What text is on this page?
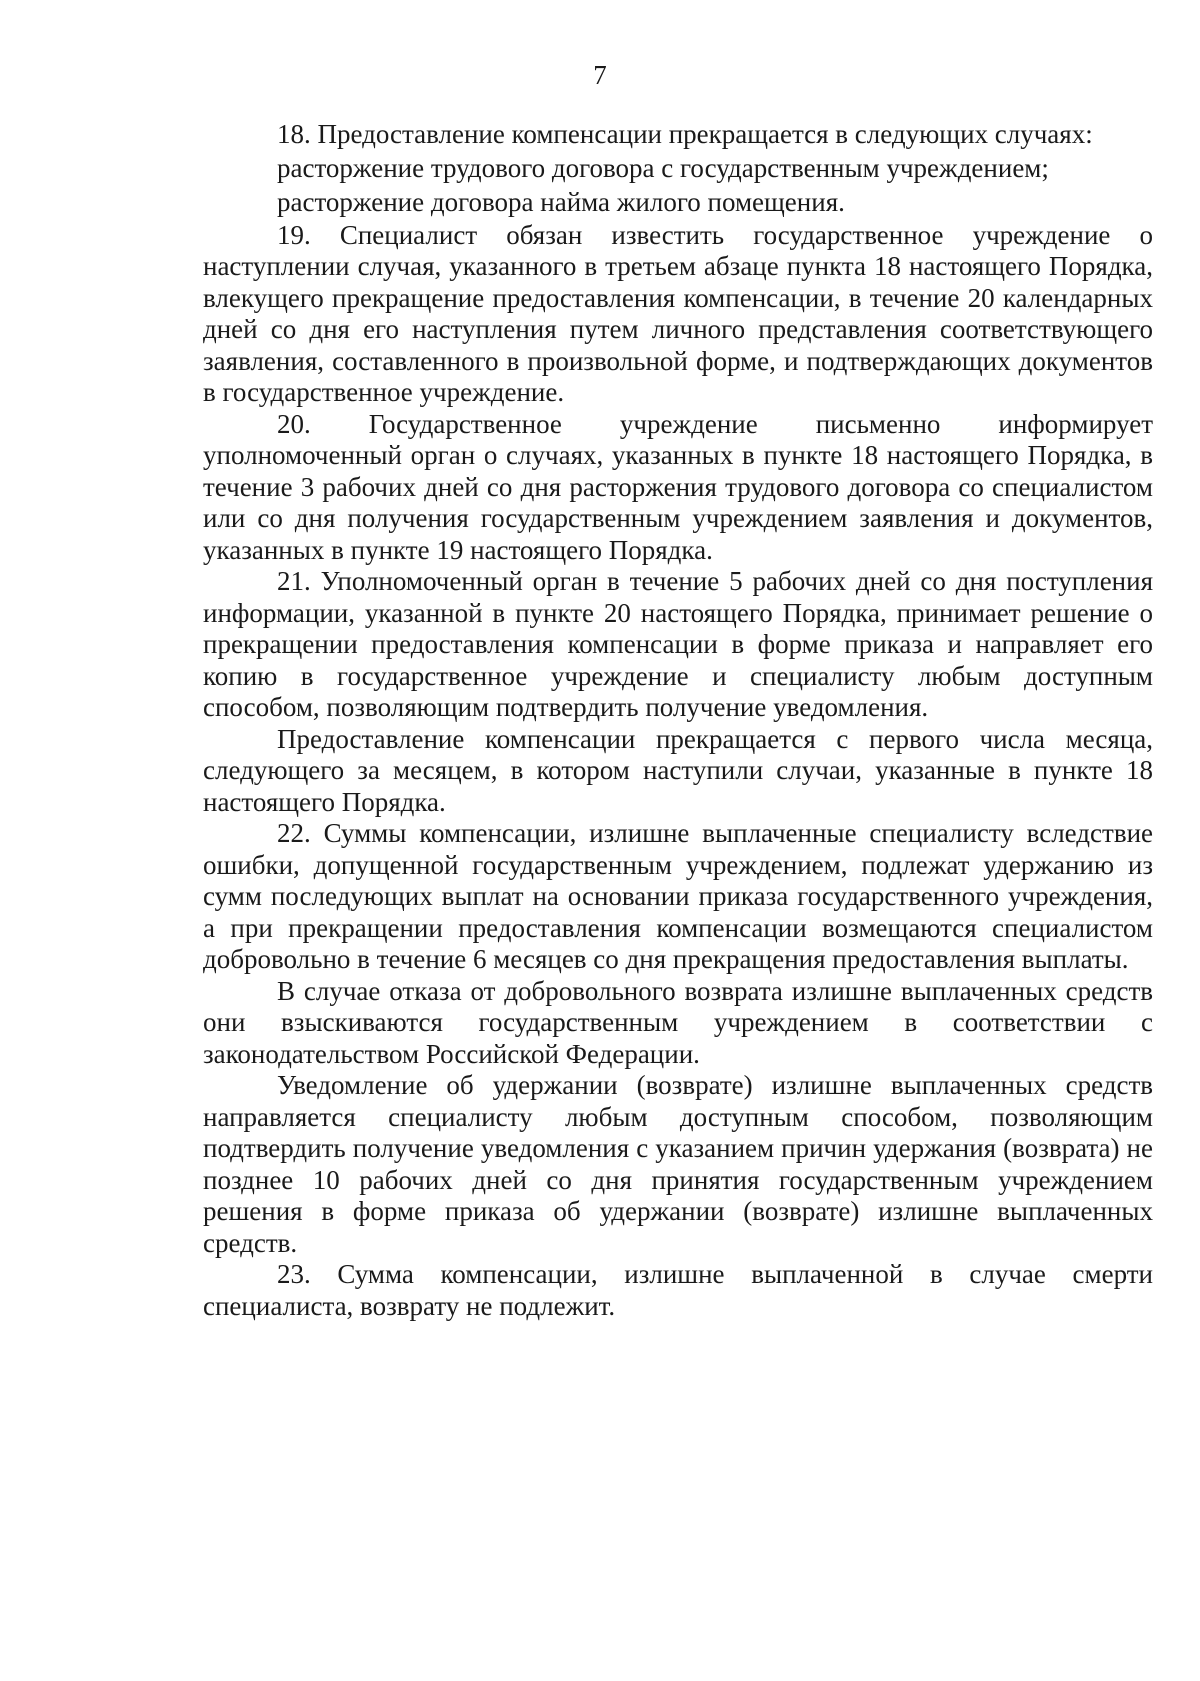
7

18. Предоставление компенсации прекращается в следующих случаях:

расторжение трудового договора с государственным учреждением;

расторжение договора найма жилого помещения.

19. Специалист обязан известить государственное учреждение о наступлении случая, указанного в третьем абзаце пункта 18 настоящего Порядка, влекущего прекращение предоставления компенсации, в течение 20 календарных дней со дня его наступления путем личного представления соответствующего заявления, составленного в произвольной форме, и подтверждающих документов в государственное учреждение.

20. Государственное учреждение письменно информирует уполномоченный орган о случаях, указанных в пункте 18 настоящего Порядка, в течение 3 рабочих дней со дня расторжения трудового договора со специалистом или со дня получения государственным учреждением заявления и документов, указанных в пункте 19 настоящего Порядка.

21. Уполномоченный орган в течение 5 рабочих дней со дня поступления информации, указанной в пункте 20 настоящего Порядка, принимает решение о прекращении предоставления компенсации в форме приказа и направляет его копию в государственное учреждение и специалисту любым доступным способом, позволяющим подтвердить получение уведомления.

Предоставление компенсации прекращается с первого числа месяца, следующего за месяцем, в котором наступили случаи, указанные в пункте 18 настоящего Порядка.

22. Суммы компенсации, излишне выплаченные специалисту вследствие ошибки, допущенной государственным учреждением, подлежат удержанию из сумм последующих выплат на основании приказа государственного учреждения, а при прекращении предоставления компенсации возмещаются специалистом добровольно в течение 6 месяцев со дня прекращения предоставления выплаты.

В случае отказа от добровольного возврата излишне выплаченных средств они взыскиваются государственным учреждением в соответствии с законодательством Российской Федерации.

Уведомление об удержании (возврате) излишне выплаченных средств направляется специалисту любым доступным способом, позволяющим подтвердить получение уведомления с указанием причин удержания (возврата) не позднее 10 рабочих дней со дня принятия государственным учреждением решения в форме приказа об удержании (возврате) излишне выплаченных средств.

23. Сумма компенсации, излишне выплаченной в случае смерти специалиста, возврату не подлежит.
